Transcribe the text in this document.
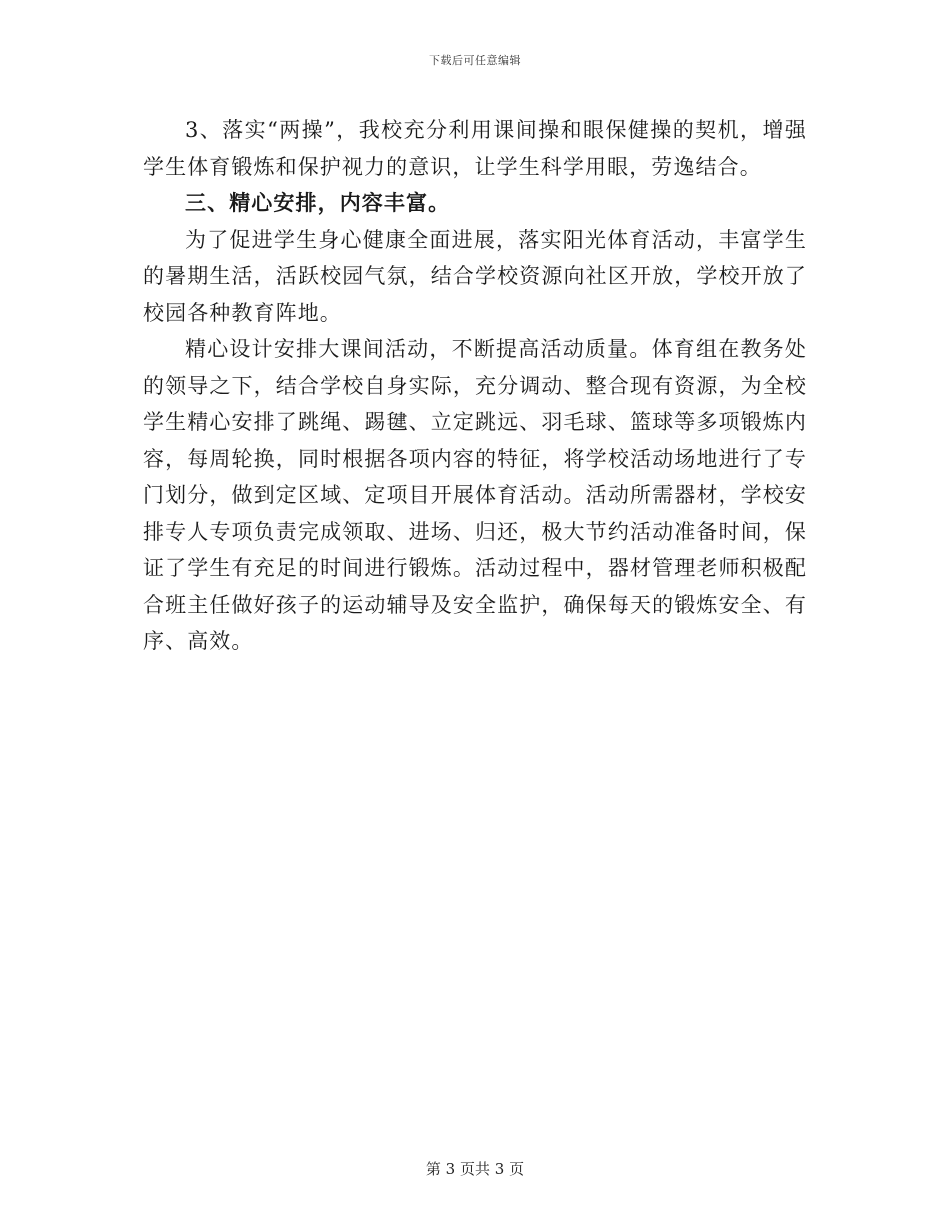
下载后可任意编辑

3、落实“两操”，我校充分利用课间操和眼保健操的契机，增强学生体育锻炼和保护视力的意识，让学生科学用眼，劳逸结合。

三、精心安排，内容丰富。

为了促进学生身心健康全面进展，落实阳光体育活动，丰富学生的暑期生活，活跃校园气氛，结合学校资源向社区开放，学校开放了校园各种教育阵地。

精心设计安排大课间活动，不断提高活动质量。体育组在教务处的领导之下，结合学校自身实际，充分调动、整合现有资源，为全校学生精心安排了跳绳、踢毽、立定跳远、羽毛球、篮球等多项锻炼内容，每周轮换，同时根据各项内容的特征，将学校活动场地进行了专门划分，做到定区域、定项目开展体育活动。活动所需器材，学校安排专人专项负责完成领取、进场、归还，极大节约活动准备时间，保证了学生有充足的时间进行锻炼。活动过程中，器材管理老师积极配合班主任做好孩子的运动辅导及安全监护，确保每天的锻炼安全、有序、高效。

第 3 页共 3 页
